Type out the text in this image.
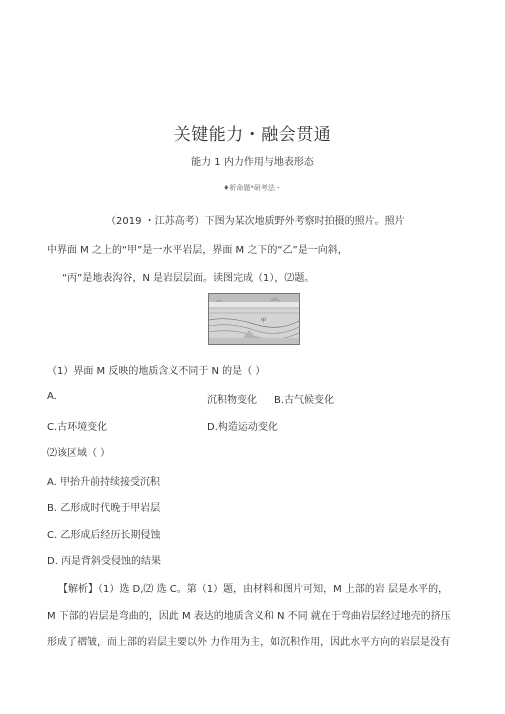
关键能力・融会贯通
能力 1 内力作用与地表形态
♦析命题*研考法・
（2019 ・江苏高考）下图为某次地质野外考察时拍摄的照片。照片
中界面 M 之上的“甲”是一水平岩层，界面 M 之下的“乙”是一向斜，
“丙”是地表沟谷，N 是岩层层面。读图完成（1），⑵题。
甲
（1）界面 M 反映的地质含义不同于 N 的是（ ）
A.	沉积物变化 B.古气候变化
C.古环境变化	D.构造运动变化
⑵该区域（ ）
A. 甲抬升前持续接受沉积
B. 乙形成时代晚于甲岩层
C. 乙形成后经历长期侵蚀
D. 丙是背斜受侵蚀的结果
【解析】（1）选 D,⑵ 选 C。第（1）题，由材料和图片可知，M 上部的岩 层是水平的，
M 下部的岩层是弯曲的，因此 M 表达的地质含义和 N 不同 就在于弯曲岩层经过地壳的挤压
形成了褶皱，而上部的岩层主要以外 力作用为主，如沉积作用，因此水平方向的岩层是没有
